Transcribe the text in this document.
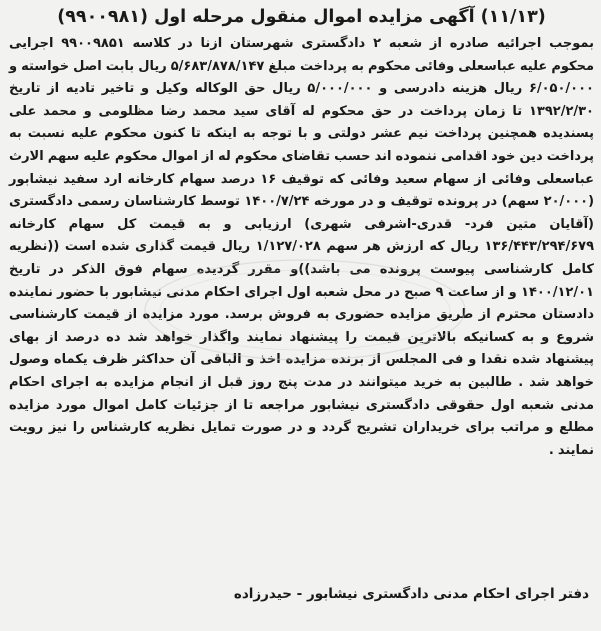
(۱۱/۱۳) آگهی مزایده اموال منقول مرحله اول (۹۹۰۰۹۸۱)

بموجب اجرائیه صادره از شعبه ۲ دادگستری شهرستان ازنا در کلاسه ۹۹۰۰۹۸۵۱ اجرایی محکوم علیه عباسعلی وفائی محکوم به پرداخت مبلغ ۵/۶۸۳/۸۷۸/۱۴۷ ریال بابت اصل خواسته و ۶/۰۵۰/۰۰۰ ریال هزینه دادرسی و ۵/۰۰۰/۰۰۰ ریال حق الوکاله وکیل و تاخیر تادیه از تاریخ ۱۳۹۲/۲/۳۰ تا زمان پرداخت در حق محکوم له آقای سید محمد رضا مظلومی و محمد علی پسندیده همچنین پرداخت نیم عشر دولتی و با توجه به اینکه تا کنون محکوم علیه نسبت به پرداخت دین خود اقدامی ننموده اند حسب تقاضای محکوم له از اموال محکوم علیه سهم الارث عباسعلی وفائی از سهام سعید وفائی که توقیف ۱۶ درصد سهام کارخانه ارد سفید نیشابور (۲۰/۰۰۰ سهم) در پرونده توقیف و در مورخه ۱۴۰۰/۷/۲۴ توسط کارشناسان رسمی دادگستری (آقایان متین فرد- قدری-اشرفی شهری) ارزیابی و به قیمت کل سهام کارخانه ۱۳۶/۴۴۳/۲۹۴/۶۷۹ ریال که ارزش هر سهم ۱/۱۲۷/۰۲۸ ریال قیمت گذاری شده است ((نظریه کامل کارشناسی پیوست پرونده می باشد))و مقرر گردیده سهام فوق الذکر در تاریخ ۱۴۰۰/۱۲/۰۱ و از ساعت ۹ صبح در محل شعبه اول اجرای احکام مدنی نیشابور با حضور نماینده دادستان محترم از طریق مزایده حضوری به فروش برسد. مورد مزایده از قیمت کارشناسی شروع و به کسانیکه بالاترین قیمت را پیشنهاد نمایند واگذار خواهد شد ده درصد از بهای پیشنهاد شده نقدا و فی المجلس از برنده مزایده اخذ و الباقی آن حداکثر ظرف یکماه وصول خواهد شد . طالبین به خرید میتوانند در مدت پنج روز قبل از انجام مزایده به اجرای احکام مدنی شعبه اول حقوقی دادگستری نیشابور مراجعه تا از جزئیات کامل اموال مورد مزایده مطلع و مراتب برای خریداران تشریح گردد و در صورت تمایل نظریه کارشناس را نیز رویت نمایند .

دفتر اجرای احکام مدنی دادگستری نیشابور - حیدرزاده
